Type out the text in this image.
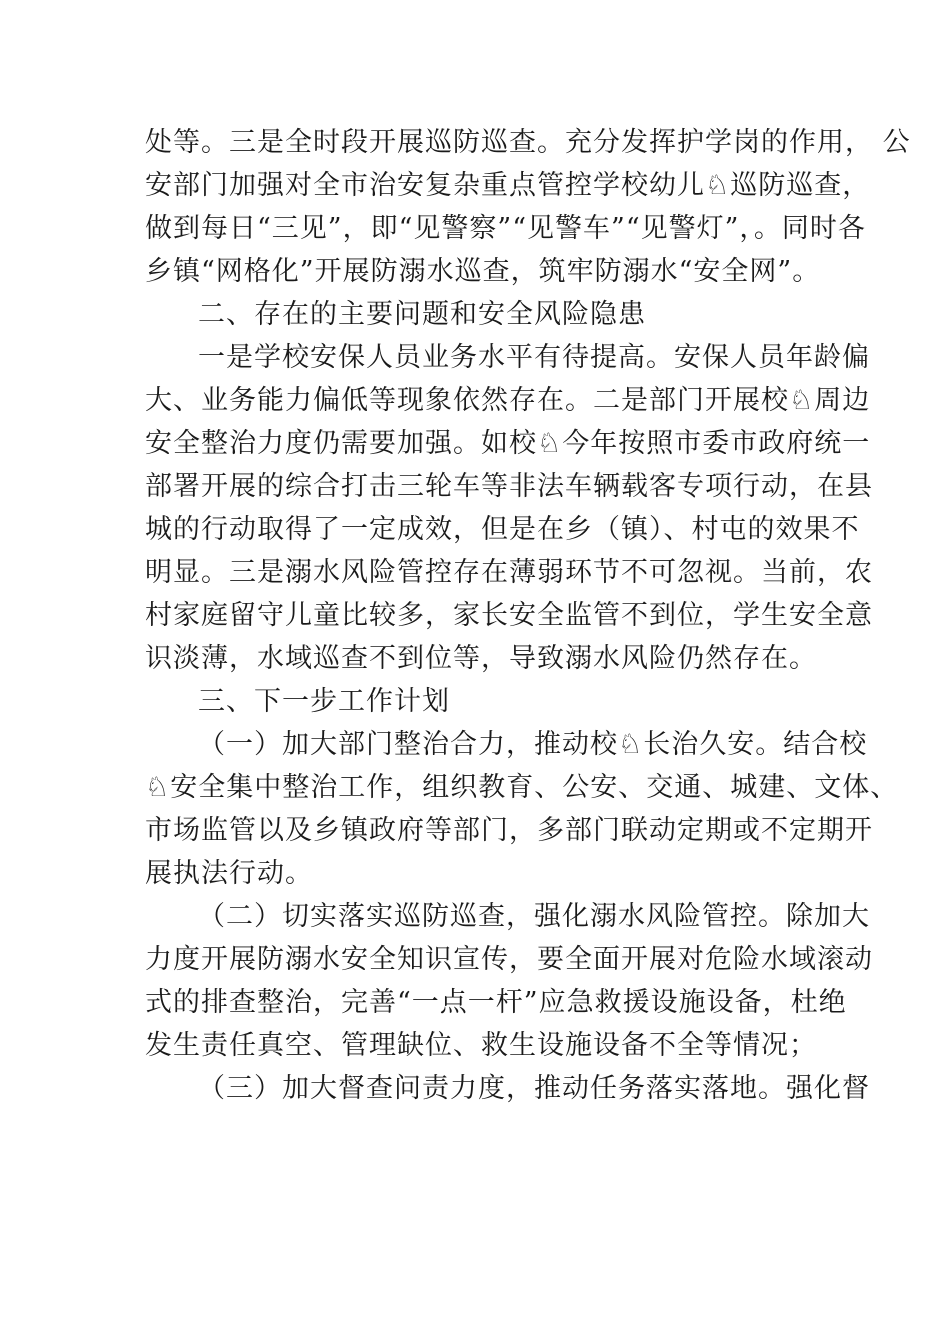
处等。三是全时段开展巡防巡查。充分发挥护学岗的作用， 公
安部门加强对全市治安复杂重点管控学校幼儿♘巡防巡查，
做到每日“三见”，即“见警察”“见警车”“见警灯”，。同时各
乡镇“网格化”开展防溺水巡查，筑牢防溺水“安全网”。
二、存在的主要问题和安全风险隐患
一是学校安保人员业务水平有待提高。安保人员年龄偏
大、业务能力偏低等现象依然存在。二是部门开展校♘周边
安全整治力度仍需要加强。如校♘今年按照市委市政府统一
部署开展的综合打击三轮车等非法车辆载客专项行动，在县
城的行动取得了一定成效，但是在乡（镇）、村屯的效果不
明显。三是溺水风险管控存在薄弱环节不可忽视。当前，农
村家庭留守儿童比较多，家长安全监管不到位，学生安全意
识淡薄，水域巡查不到位等，导致溺水风险仍然存在。
三、下一步工作计划
（一）加大部门整治合力，推动校♘长治久安。结合校
♘安全集中整治工作，组织教育、公安、交通、城建、文体、
市场监管以及乡镇政府等部门，多部门联动定期或不定期开
展执法行动。
（二）切实落实巡防巡查，强化溺水风险管控。除加大
力度开展防溺水安全知识宣传，要全面开展对危险水域滚动
式的排查整治，完善“一点一杆”应急救援设施设备，杜绝
发生责任真空、管理缺位、救生设施设备不全等情况；
（三）加大督查问责力度，推动任务落实落地。强化督
